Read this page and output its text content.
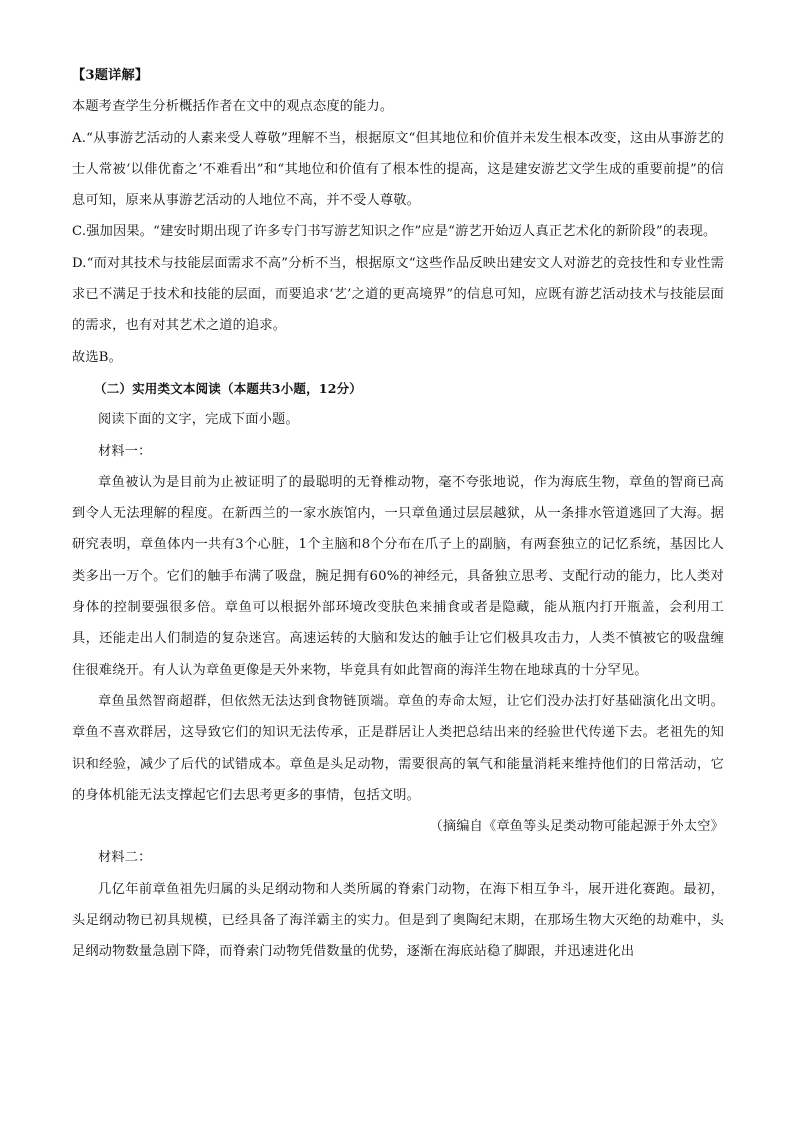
【3题详解】

本题考查学生分析概括作者在文中的观点态度的能力。

A.“从事游艺活动的人素来受人尊敬”理解不当，根据原文“但其地位和价值并未发生根本改变，这由从事游艺的士人常被‘以俳优畜之’不难看出”和“其地位和价值有了根本性的提高，这是建安游艺文学生成的重要前提”的信息可知，原来从事游艺活动的人地位不高，并不受人尊敬。

C.强加因果。“建安时期出现了许多专门书写游艺知识之作”应是“游艺开始迈人真正艺术化的新阶段”的表现。

D.“而对其技术与技能层面需求不高”分析不当，根据原文“这些作品反映出建安文人对游艺的竞技性和专业性需求已不满足于技术和技能的层面，而要追求‘艺’之道的更高境界”的信息可知，应既有游艺活动技术与技能层面的需求，也有对其艺术之道的追求。

故选B。

（二）实用类文本阅读（本题共3小题，12分）

阅读下面的文字，完成下面小题。

材料一：

章鱼被认为是目前为止被证明了的最聪明的无脊椎动物，毫不夸张地说，作为海底生物，章鱼的智商已高到令人无法理解的程度。在新西兰的一家水族馆内，一只章鱼通过层层越狱，从一条排水管道逃回了大海。据研究表明，章鱼体内一共有3个心脏，1个主脑和8个分布在爪子上的副脑，有两套独立的记忆系统，基因比人类多出一万个。它们的触手布满了吸盘，腕足拥有60%的神经元，具备独立思考、支配行动的能力，比人类对身体的控制要强很多倍。章鱼可以根据外部环境改变肤色来捕食或者是隐藏，能从瓶内打开瓶盖，会利用工具，还能走出人们制造的复杂迷宫。高速运转的大脑和发达的触手让它们极具攻击力，人类不慎被它的吸盘缠住很难绕开。有人认为章鱼更像是天外来物，毕竟具有如此智商的海洋生物在地球真的十分罕见。

章鱼虽然智商超群，但依然无法达到食物链顶端。章鱼的寿命太短，让它们没办法打好基础演化出文明。章鱼不喜欢群居，这导致它们的知识无法传承，正是群居让人类把总结出来的经验世代传递下去。老祖先的知识和经验，减少了后代的试错成本。章鱼是头足动物，需要很高的氧气和能量消耗来维持他们的日常活动，它的身体机能无法支撑起它们去思考更多的事情，包括文明。

（摘编自《章鱼等头足类动物可能起源于外太空》

材料二：

几亿年前章鱼祖先归属的头足纲动物和人类所属的脊索门动物，在海下相互争斗，展开进化赛跑。最初，头足纲动物已初具规模，已经具备了海洋霸主的实力。但是到了奥陶纪末期，在那场生物大灭绝的劫难中，头足纲动物数量急剧下降，而脊索门动物凭借数量的优势，逐渐在海底站稳了脚跟，并迅速进化出
